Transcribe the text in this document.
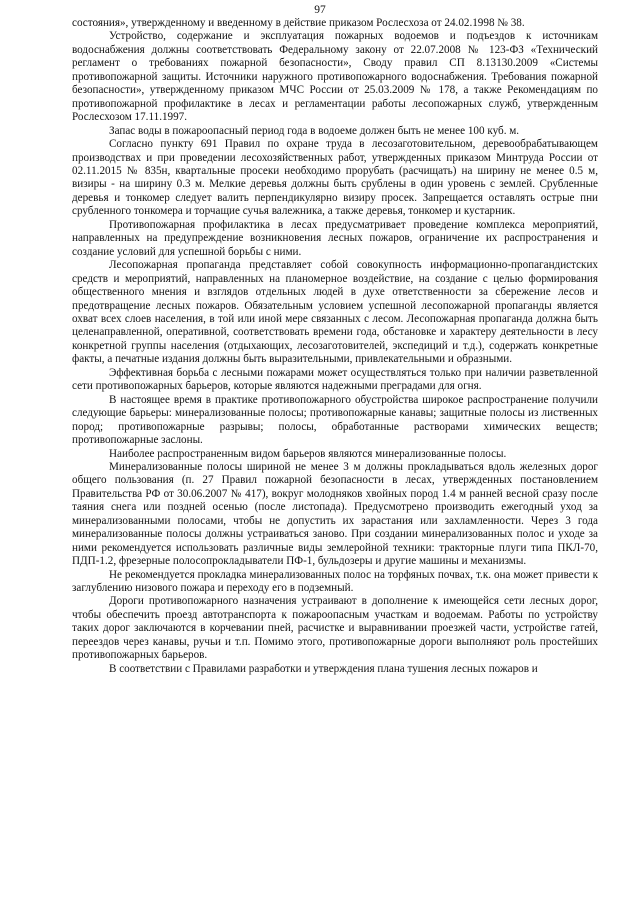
97

состояния», утвержденному и введенному в действие приказом Рослесхоза от 24.02.1998 № 38.

Устройство, содержание и эксплуатация пожарных водоемов и подъездов к источникам водоснабжения должны соответствовать Федеральному закону от 22.07.2008 № 123-ФЗ «Технический регламент о требованиях пожарной безопасности», Своду правил СП 8.13130.2009 «Системы противопожарной защиты. Источники наружного противопожарного водоснабжения. Требования пожарной безопасности», утвержденному приказом МЧС России от 25.03.2009 № 178, а также Рекомендациям по противопожарной профилактике в лесах и регламентации работы лесопожарных служб, утвержденным Рослесхозом 17.11.1997.

Запас воды в пожароопасный период года в водоеме должен быть не менее 100 куб. м.

Согласно пункту 691 Правил по охране труда в лесозаготовительном, деревообрабатывающем производствах и при проведении лесохозяйственных работ, утвержденных приказом Минтруда России от 02.11.2015 № 835н, квартальные просеки необходимо прорубать (расчищать) на ширину не менее 0.5 м, визиры - на ширину 0.3 м. Мелкие деревья должны быть срублены в один уровень с землей. Срубленные деревья и тонкомер следует валить перпендикулярно визиру просек. Запрещается оставлять острые пни срубленного тонкомера и торчащие сучья валежника, а также деревья, тонкомер и кустарник.

Противопожарная профилактика в лесах предусматривает проведение комплекса мероприятий, направленных на предупреждение возникновения лесных пожаров, ограничение их распространения и создание условий для успешной борьбы с ними.

Лесопожарная пропаганда представляет собой совокупность информационно-пропагандистских средств и мероприятий, направленных на планомерное воздействие, на создание с целью формирования общественного мнения и взглядов отдельных людей в духе ответственности за сбережение лесов и предотвращение лесных пожаров. Обязательным условием успешной лесопожарной пропаганды является охват всех слоев населения, в той или иной мере связанных с лесом. Лесопожарная пропаганда должна быть целенаправленной, оперативной, соответствовать времени года, обстановке и характеру деятельности в лесу конкретной группы населения (отдыхающих, лесозаготовителей, экспедиций и т.д.), содержать конкретные факты, а печатные издания должны быть выразительными, привлекательными и образными.

Эффективная борьба с лесными пожарами может осуществляться только при наличии разветвленной сети противопожарных барьеров, которые являются надежными преградами для огня.

В настоящее время в практике противопожарного обустройства широкое распространение получили следующие барьеры: минерализованные полосы; противопожарные канавы; защитные полосы из лиственных пород; противопожарные разрывы; полосы, обработанные растворами химических веществ; противопожарные заслоны.

Наиболее распространенным видом барьеров являются минерализованные полосы.

Минерализованные полосы шириной не менее 3 м должны прокладываться вдоль железных дорог общего пользования (п. 27 Правил пожарной безопасности в лесах, утвержденных постановлением Правительства РФ от 30.06.2007 № 417), вокруг молодняков хвойных пород 1.4 м ранней весной сразу после таяния снега или поздней осенью (после листопада). Предусмотрено производить ежегодный уход за минерализованными полосами, чтобы не допустить их зарастания или захламленности. Через 3 года минерализованные полосы должны устраиваться заново. При создании минерализованных полос и уходе за ними рекомендуется использовать различные виды землеройной техники: тракторные плуги типа ПКЛ-70, ПДП-1.2, фрезерные полосопрокладыватели ПФ-1, бульдозеры и другие машины и механизмы.

Не рекомендуется прокладка минерализованных полос на торфяных почвах, т.к. она может привести к заглублению низового пожара и переходу его в подземный.

Дороги противопожарного назначения устраивают в дополнение к имеющейся сети лесных дорог, чтобы обеспечить проезд автотранспорта к пожароопасным участкам и водоемам. Работы по устройству таких дорог заключаются в корчевании пней, расчистке и выравнивании проезжей части, устройстве гатей, переездов через канавы, ручьи и т.п. Помимо этого, противопожарные дороги выполняют роль простейших противопожарных барьеров.

В соответствии с Правилами разработки и утверждения плана тушения лесных пожаров и
